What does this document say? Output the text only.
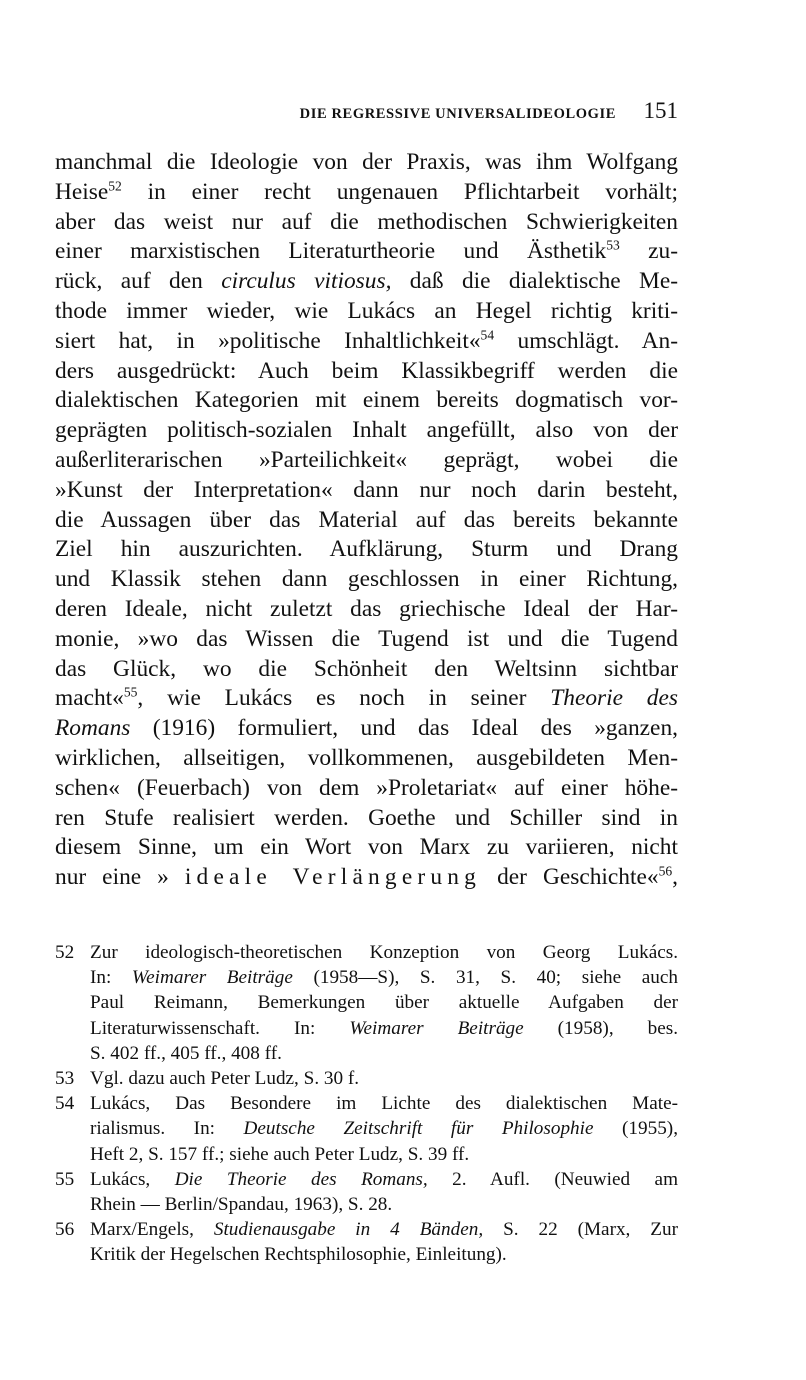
DIE REGRESSIVE UNIVERSALIDEOLOGIE 151
manchmal die Ideologie von der Praxis, was ihm Wolfgang
Heise$^{52}$ in einer recht ungenauen Pflichtarbeit vorhält;
aber das weist nur auf die methodischen Schwierigkeiten
einer marxistischen Literaturtheorie und Ästhetik$^{53}$ zu-
rück, auf den circulus vitiosus, daß die dialektische Me-
thode immer wieder, wie Lukács an Hegel richtig kriti-
siert hat, in »politische Inhaltlichkeit«$^{54}$ umschlägt. An-
ders ausgedrückt: Auch beim Klassikbegriff werden die
dialektischen Kategorien mit einem bereits dogmatisch vor-
geprägten politisch-sozialen Inhalt angefüllt, also von der
außerliterarischen »Parteilichkeit« geprägt, wobei die
»Kunst der Interpretation« dann nur noch darin besteht,
die Aussagen über das Material auf das bereits bekannte
Ziel hin auszurichten. Aufklärung, Sturm und Drang
und Klassik stehen dann geschlossen in einer Richtung,
deren Ideale, nicht zuletzt das griechische Ideal der Har-
monie, »wo das Wissen die Tugend ist und die Tugend
das Glück, wo die Schönheit den Weltsinn sichtbar
macht«$^{55}$, wie Lukács es noch in seiner Theorie des
Romans (1916) formuliert, und das Ideal des »ganzen,
wirklichen, allseitigen, vollkommenen, ausgebildeten Men-
schen« (Feuerbach) von dem »Proletariat« auf einer höhe-
ren Stufe realisiert werden. Goethe und Schiller sind in
diesem Sinne, um ein Wort von Marx zu variieren, nicht
nur eine » ideale Verlängerung der Geschichte«$^{56}$,
52 Zur ideologisch-theoretischen Konzeption von Georg Lukács.
In: Weimarer Beiträge (1958—S), S. 31, S. 40; siehe auch
Paul Reimann, Bemerkungen über aktuelle Aufgaben der
Literaturwissenschaft. In: Weimarer Beiträge (1958), bes.
S. 402 ff., 405 ff., 408 ff.
53 Vgl. dazu auch Peter Ludz, S. 30 f.
54 Lukács, Das Besondere im Lichte des dialektischen Mate-
rialismus. In: Deutsche Zeitschrift für Philosophie (1955),
Heft 2, S. 157 ff.; siehe auch Peter Ludz, S. 39 ff.
55 Lukács, Die Theorie des Romans, 2. Aufl. (Neuwied am
Rhein — Berlin/Spandau, 1963), S. 28.
56 Marx/Engels, Studienausgabe in 4 Bänden, S. 22 (Marx, Zur
Kritik der Hegelschen Rechtsphilosophie, Einleitung).
